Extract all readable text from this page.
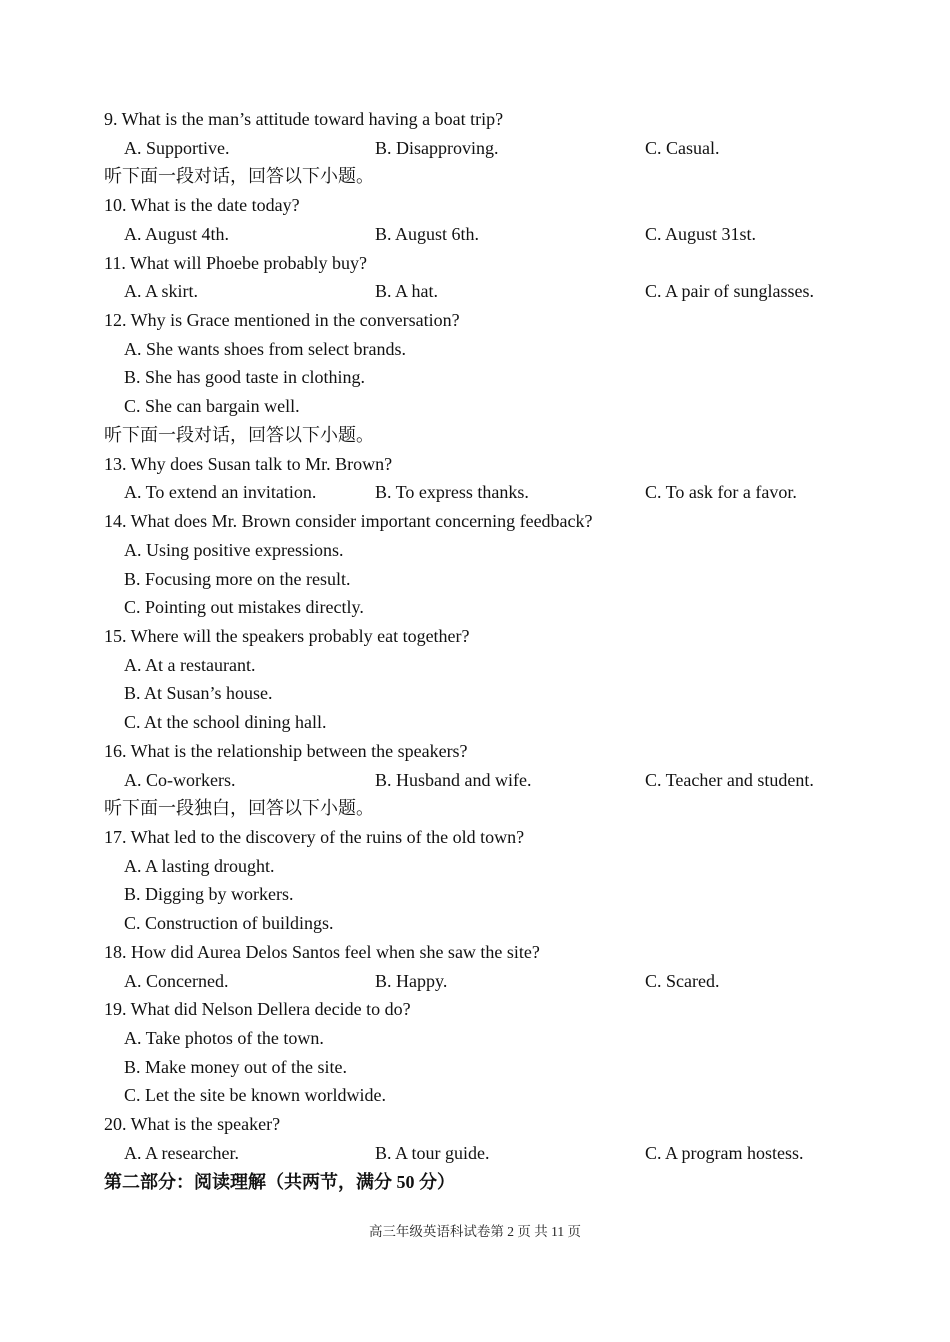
9. What is the man’s attitude toward having a boat trip?
A. Supportive.	B. Disapproving.	C. Casual.
听下面一段对话，回答以下小题。
10. What is the date today?
A. August 4th.	B. August 6th.	C. August 31st.
11. What will Phoebe probably buy?
A. A skirt.	B. A hat.	C. A pair of sunglasses.
12. Why is Grace mentioned in the conversation?
A. She wants shoes from select brands.
B. She has good taste in clothing.
C. She can bargain well.
听下面一段对话，回答以下小题。
13. Why does Susan talk to Mr. Brown?
A. To extend an invitation.	B. To express thanks.	C. To ask for a favor.
14. What does Mr. Brown consider important concerning feedback?
A. Using positive expressions.
B. Focusing more on the result.
C. Pointing out mistakes directly.
15. Where will the speakers probably eat together?
A. At a restaurant.
B. At Susan’s house.
C. At the school dining hall.
16. What is the relationship between the speakers?
A. Co-workers.	B. Husband and wife.	C. Teacher and student.
听下面一段独白，回答以下小题。
17. What led to the discovery of the ruins of the old town?
A. A lasting drought.
B. Digging by workers.
C. Construction of buildings.
18. How did Aurea Delos Santos feel when she saw the site?
A. Concerned.	B. Happy.	C. Scared.
19. What did Nelson Dellera decide to do?
A. Take photos of the town.
B. Make money out of the site.
C. Let the site be known worldwide.
20. What is the speaker?
A. A researcher.	B. A tour guide.	C. A program hostess.
第二部分：阅读理解（共两节，满分 50 分）
高三年级英语科试卷第 2 页 共 11 页
